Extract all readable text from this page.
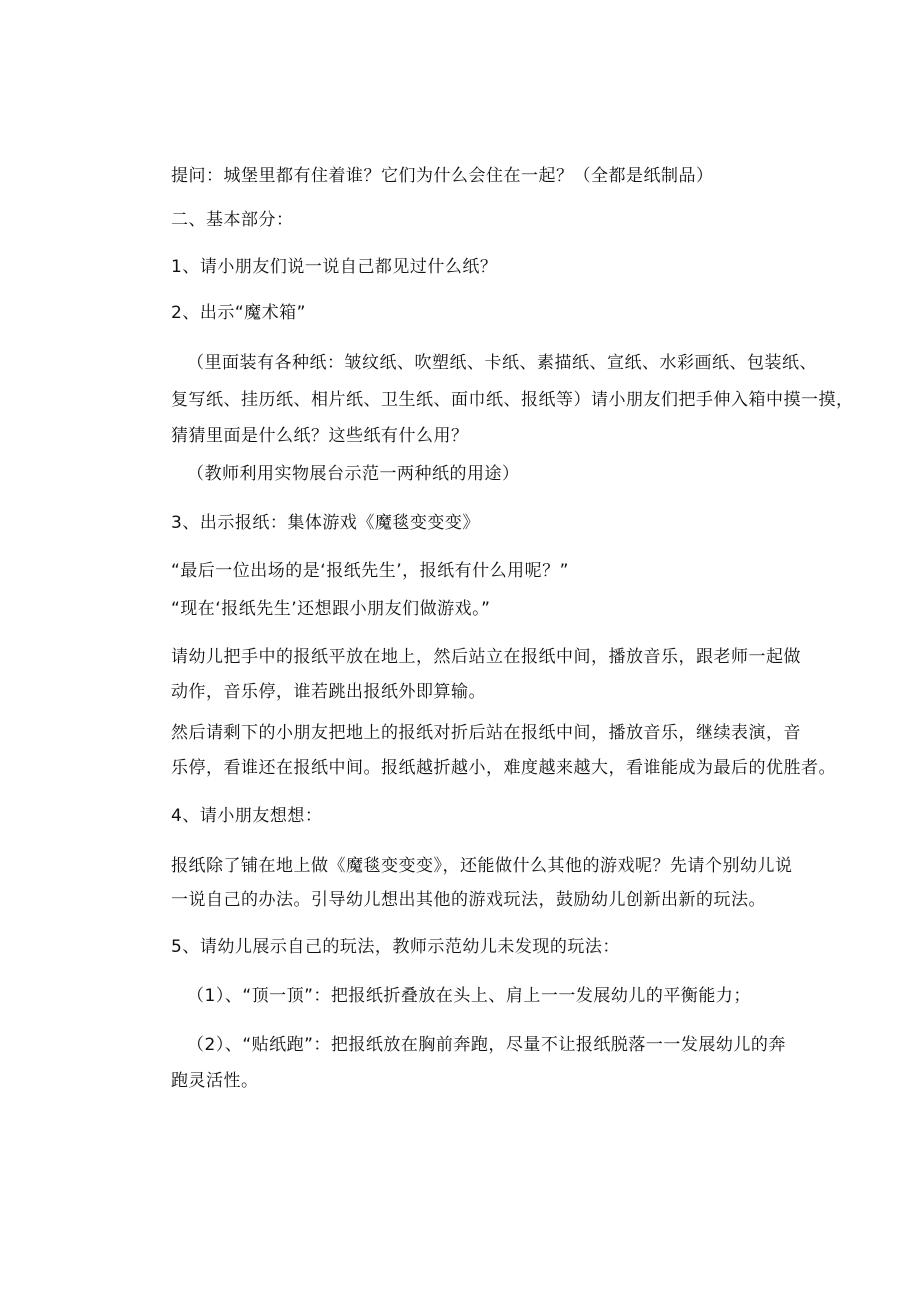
提问：城堡里都有住着谁？它们为什么会住在一起？（全都是纸制品）
二、基本部分：
1、请小朋友们说一说自己都见过什么纸？
2、出示“魔术箱”
（里面装有各种纸：皱纹纸、吹塑纸、卡纸、素描纸、宣纸、水彩画纸、包装纸、
复写纸、挂历纸、相片纸、卫生纸、面巾纸、报纸等）请小朋友们把手伸入箱中摸一摸，
猜猜里面是什么纸？这些纸有什么用？
（教师利用实物展台示范一两种纸的用途）
3、出示报纸：集体游戏《魔毯变变变》
“最后一位出场的是‘报纸先生’，报纸有什么用呢？”
“现在‘报纸先生’还想跟小朋友们做游戏。”
请幼儿把手中的报纸平放在地上，然后站立在报纸中间，播放音乐，跟老师一起做
动作，音乐停，谁若跳出报纸外即算输。
然后请剩下的小朋友把地上的报纸对折后站在报纸中间，播放音乐，继续表演，音
乐停，看谁还在报纸中间。报纸越折越小，难度越来越大，看谁能成为最后的优胜者。
4、请小朋友想想：
报纸除了铺在地上做《魔毯变变变》，还能做什么其他的游戏呢？先请个别幼儿说
一说自己的办法。引导幼儿想出其他的游戏玩法，鼓励幼儿创新出新的玩法。
5、请幼儿展示自己的玩法，教师示范幼儿未发现的玩法：
（1）、“顶一顶”：把报纸折叠放在头上、肩上一一发展幼儿的平衡能力；
（2）、“贴纸跑”：把报纸放在胸前奔跑，尽量不让报纸脱落一一发展幼儿的奔
跑灵活性。
